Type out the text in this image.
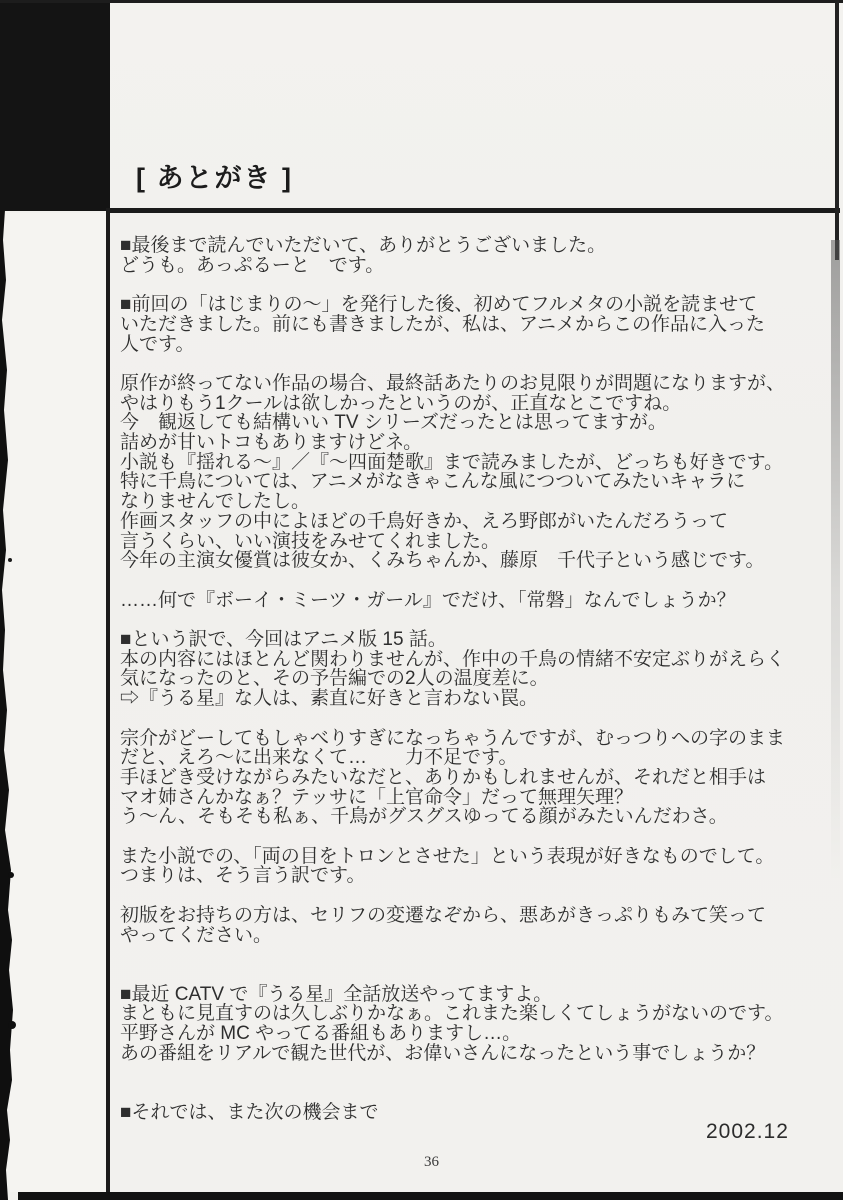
[ あとがき ]
■最後まで読んでいただいて、ありがとうございました。
どうも。あっぷるーと　です。
■前回の「はじまりの〜」を発行した後、初めてフルメタの小説を読ませて
いただきました。前にも書きましたが、私は、アニメからこの作品に入った
人です。
原作が終ってない作品の場合、最終話あたりのお見限りが問題になりますが、
やはりもう1クールは欲しかったというのが、正直なとこですね。
今　観返しても結構いい TV シリーズだったとは思ってますが。
詰めが甘いトコもありますけどネ。
小説も『揺れる〜』／『〜四面楚歌』まで読みましたが、どっちも好きです。
特に千鳥については、アニメがなきゃこんな風につついてみたいキャラに
なりませんでしたし。
作画スタッフの中によほどの千鳥好きか、えろ野郎がいたんだろうって
言うくらい、いい演技をみせてくれました。
今年の主演女優賞は彼女か、くみちゃんか、藤原　千代子という感じです。
……何で『ボーイ・ミーツ・ガール』でだけ、「常磐」なんでしょうか？
■という訳で、今回はアニメ版 15 話。
本の内容にはほとんど関わりませんが、作中の千鳥の情緒不安定ぶりがえらく
気になったのと、その予告編での2人の温度差に。
⇨『うる星』な人は、素直に好きと言わない罠。
宗介がどーしてもしゃべりすぎになっちゃうんですが、むっつりへの字のまま
だと、えろ〜に出来なくて…　　力不足です。
手ほどき受けながらみたいなだと、ありかもしれませんが、それだと相手は
マオ姉さんかなぁ？テッサに「上官命令」だって無理矢理？
う〜ん、そもそも私ぁ、千鳥がグスグスゆってる顔がみたいんだわさ。
また小説での、「両の目をトロンとさせた」という表現が好きなものでして。
つまりは、そう言う訳です。
初版をお持ちの方は、セリフの変遷なぞから、悪あがきっぷりもみて笑って
やってください。
■最近 CATV で『うる星』全話放送やってますよ。
まともに見直すのは久しぶりかなぁ。これまた楽しくてしょうがないのです。
平野さんが MC やってる番組もありますし…。
あの番組をリアルで観た世代が、お偉いさんになったという事でしょうか？
■それでは、また次の機会まで
2002.12
36
